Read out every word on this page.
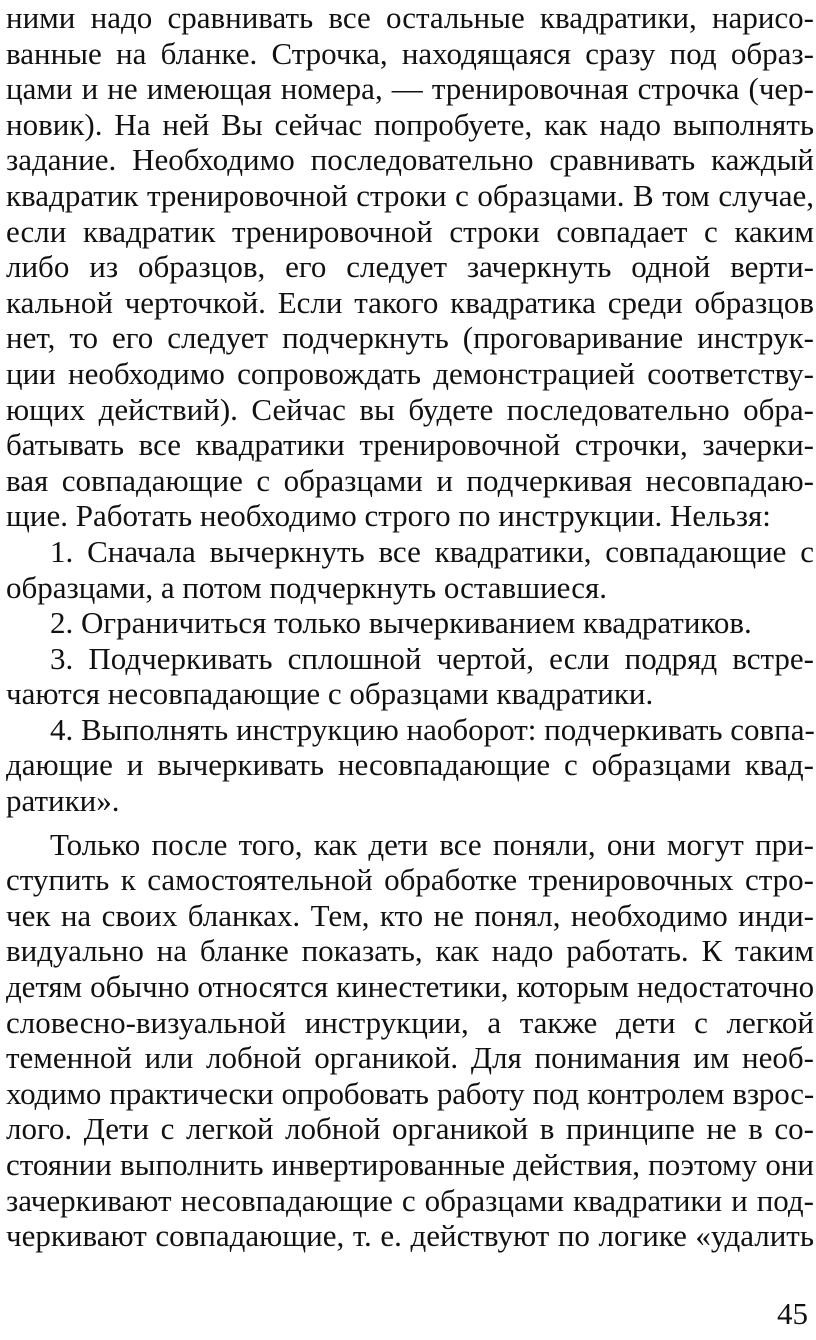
ними надо сравнивать все остальные квадратики, нарисо-
ванные на бланке. Строчка, находящаяся сразу под образ-
цами и не имеющая номера, — тренировочная строчка (чер-
новик). На ней Вы сейчас попробуете, как надо выполнять
задание. Необходимо последовательно сравнивать каждый
квадратик тренировочной строки с образцами. В том случае,
если квадратик тренировочной строки совпадает с каким
либо из образцов, его следует зачеркнуть одной верти-
кальной черточкой. Если такого квадратика среди образцов
нет, то его следует подчеркнуть (проговаривание инструк-
ции необходимо сопровождать демонстрацией соответству-
ющих действий). Сейчас вы будете последовательно обра-
батывать все квадратики тренировочной строчки, зачерки-
вая совпадающие с образцами и подчеркивая несовпадаю-
щие. Работать необходимо строго по инструкции. Нельзя:
1. Сначала вычеркнуть все квадратики, совпадающие с
образцами, а потом подчеркнуть оставшиеся.
2. Ограничиться только вычеркиванием квадратиков.
3. Подчеркивать сплошной чертой, если подряд встре-
чаются несовпадающие с образцами квадратики.
4. Выполнять инструкцию наоборот: подчеркивать совпа-
дающие и вычеркивать несовпадающие с образцами квад-
ратики».
Только после того, как дети все поняли, они могут при-
ступить к самостоятельной обработке тренировочных стро-
чек на своих бланках. Тем, кто не понял, необходимо инди-
видуально на бланке показать, как надо работать. К таким
детям обычно относятся кинестетики, которым недостаточно
словесно-визуальной инструкции, а также дети с легкой
теменной или лобной органикой. Для понимания им необ-
ходимо практически опробовать работу под контролем взрос-
лого. Дети с легкой лобной органикой в принципе не в со-
стоянии выполнить инвертированные действия, поэтому они
зачеркивают несовпадающие с образцами квадратики и под-
черкивают совпадающие, т. е. действуют по логике «удалить
45
